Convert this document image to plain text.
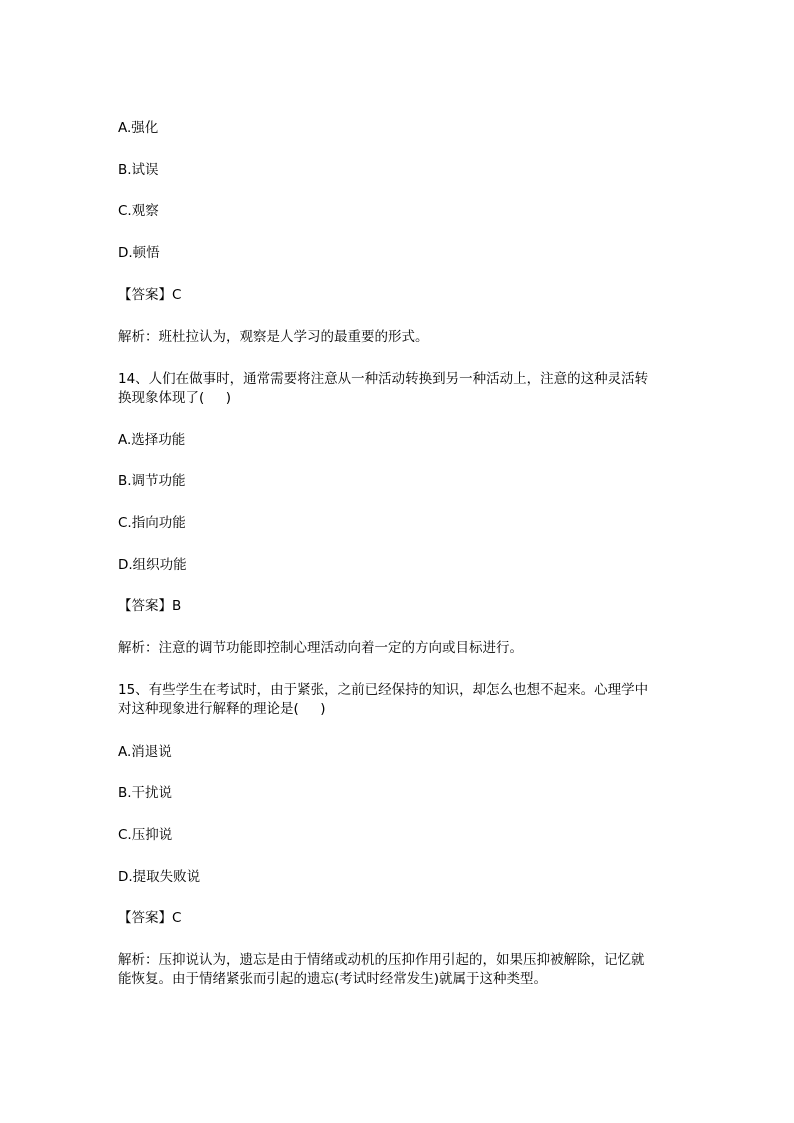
A.强化
B.试误
C.观察
D.顿悟
【答案】C
解析：班杜拉认为，观察是人学习的最重要的形式。
14、人们在做事时，通常需要将注意从一种活动转换到另一种活动上，注意的这种灵活转
换现象体现了(     )
A.选择功能
B.调节功能
C.指向功能
D.组织功能
【答案】B
解析：注意的调节功能即控制心理活动向着一定的方向或目标进行。
15、有些学生在考试时，由于紧张，之前已经保持的知识，却怎么也想不起来。心理学中
对这种现象进行解释的理论是(     )
A.消退说
B.干扰说
C.压抑说
D.提取失败说
【答案】C
解析：压抑说认为，遗忘是由于情绪或动机的压抑作用引起的，如果压抑被解除，记忆就
能恢复。由于情绪紧张而引起的遗忘(考试时经常发生)就属于这种类型。
